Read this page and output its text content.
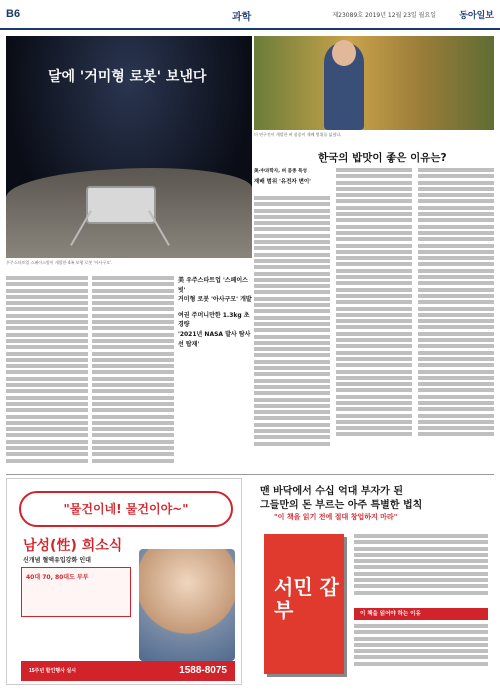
B6	과학	제23089호 2019년 12월 23일 월요일	동아일보
달에 '거미형 로봇' 보낸다
우주스타트업 스페이스빗이 개발한 4족 보행 로봇 '아사구모'.
美 우주스타트업 '스페이스빗'
거미형 로봇 '아사구모' 개발
여권 주머니만한 1.3kg 초경량
'2021년 NASA 발사 탐사선 탑재'
미 연구진이 개발한 벼 품종이 재배 범위를 넓혔다.
한국의 밥맛이 좋은 이유는?
美·中과학자, 벼 품종 특성
재배 범위 '유전자 변이'
"물건이네! 물건이야~"
남성(性) 희소식
신개념 혈액유입강화 인대
40대 70, 80대도 부부
15주년 할인행사 실시	1588-8075
맨 바닥에서 수십 억대 부자가 된
그들만의 돈 부르는 아주 특별한 법칙
"이 책을 읽기 전에 절대 창업하지 마라"
서민 갑부	이 책을 읽어야 하는 이유
